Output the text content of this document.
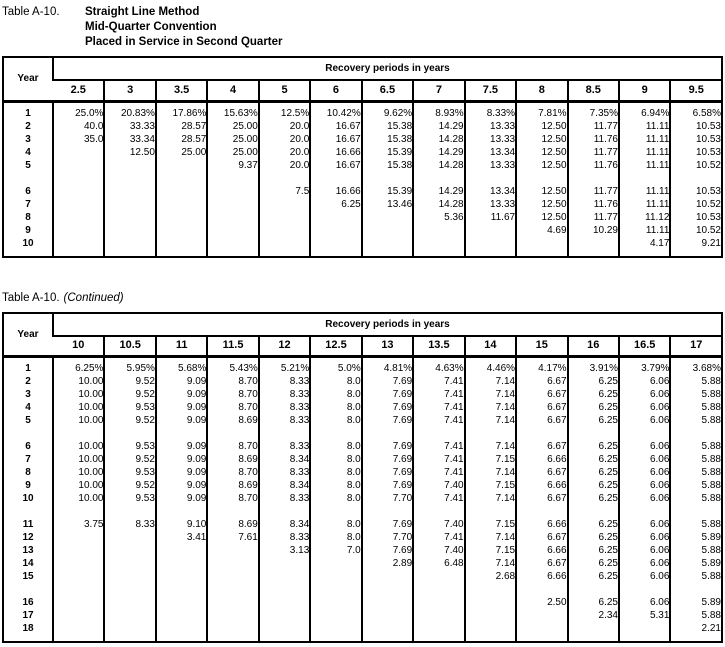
Table A-10.	Straight Line Method
Mid-Quarter Convention
Placed in Service in Second Quarter
Year	Recovery periods in years												
	2.5	3	3.5	4	5	6	6.5	7	7.5	8	8.5	9	9.5
1	25.0%	20.83%	17.86%	15.63%	12.5%	10.42%	9.62%	8.93%	8.33%	7.81%	7.35%	6.94%	6.58%
2	40.0	33.33	28.57	25.00	20.0	16.67	15.38	14.29	13.33	12.50	11.77	11.11	10.53
3	35.0	33.34	28.57	25.00	20.0	16.67	15.38	14.28	13.33	12.50	11.76	11.11	10.53
4		12.50	25.00	25.00	20.0	16.66	15.39	14.29	13.34	12.50	11.77	11.11	10.53
5				9.37	20.0	16.67	15.38	14.28	13.33	12.50	11.76	11.11	10.52

6					7.5	16.66	15.39	14.29	13.34	12.50	11.77	11.11	10.53
7						6.25	13.46	14.28	13.33	12.50	11.76	11.11	10.52
8								5.36	11.67	12.50	11.77	11.12	10.53
9										4.69	10.29	11.11	10.52
10												4.17	9.21

Table A-10. (Continued)
Year	Recovery periods in years												
	10	10.5	11	11.5	12	12.5	13	13.5	14	15	16	16.5	17
1	6.25%	5.95%	5.68%	5.43%	5.21%	5.0%	4.81%	4.63%	4.46%	4.17%	3.91%	3.79%	3.68%
2	10.00	9.52	9.09	8.70	8.33	8.0	7.69	7.41	7.14	6.67	6.25	6.06	5.88
3	10.00	9.52	9.09	8.70	8.33	8.0	7.69	7.41	7.14	6.67	6.25	6.06	5.88
4	10.00	9.53	9.09	8.70	8.33	8.0	7.69	7.41	7.14	6.67	6.25	6.06	5.88
5	10.00	9.52	9.09	8.69	8.33	8.0	7.69	7.41	7.14	6.67	6.25	6.06	5.88

6	10.00	9.53	9.09	8.70	8.33	8.0	7.69	7.41	7.14	6.67	6.25	6.06	5.88
7	10.00	9.52	9.09	8.69	8.34	8.0	7.69	7.41	7.15	6.66	6.25	6.06	5.88
8	10.00	9.53	9.09	8.70	8.33	8.0	7.69	7.41	7.14	6.67	6.25	6.06	5.88
9	10.00	9.52	9.09	8.69	8.34	8.0	7.69	7.40	7.15	6.66	6.25	6.06	5.88
10	10.00	9.53	9.09	8.70	8.33	8.0	7.70	7.41	7.14	6.67	6.25	6.06	5.88

11	3.75	8.33	9.10	8.69	8.34	8.0	7.69	7.40	7.15	6.66	6.25	6.06	5.88
12			3.41	7.61	8.33	8.0	7.70	7.41	7.14	6.67	6.25	6.06	5.89
13					3.13	7.0	7.69	7.40	7.15	6.66	6.25	6.06	5.88
14							2.89	6.48	7.14	6.67	6.25	6.06	5.89
15									2.68	6.66	6.25	6.06	5.88

16										2.50	6.25	6.06	5.89
17											2.34	5.31	5.88
18													2.21
